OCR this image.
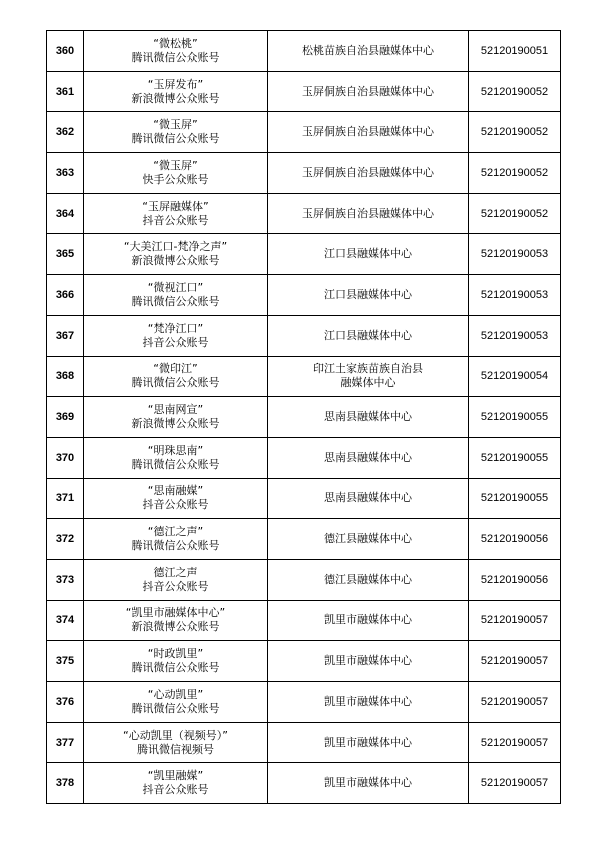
360	“微松桃”
腾讯微信公众账号	松桃苗族自治县融媒体中心	52120190051
361	“玉屏发布”
新浪微博公众账号	玉屏侗族自治县融媒体中心	52120190052
362	“微玉屏”
腾讯微信公众账号	玉屏侗族自治县融媒体中心	52120190052
363	“微玉屏”
快手公众账号	玉屏侗族自治县融媒体中心	52120190052
364	“玉屏融媒体”
抖音公众账号	玉屏侗族自治县融媒体中心	52120190052
365	“大美江口-梵净之声”
新浪微博公众账号	江口县融媒体中心	52120190053
366	“微视江口”
腾讯微信公众账号	江口县融媒体中心	52120190053
367	“梵净江口”
抖音公众账号	江口县融媒体中心	52120190053
368	“微印江”
腾讯微信公众账号	印江土家族苗族自治县
融媒体中心	52120190054
369	“思南网宣”
新浪微博公众账号	思南县融媒体中心	52120190055
370	“明珠思南”
腾讯微信公众账号	思南县融媒体中心	52120190055
371	“思南融媒”
抖音公众账号	思南县融媒体中心	52120190055
372	“德江之声”
腾讯微信公众账号	德江县融媒体中心	52120190056
373	德江之声
抖音公众账号	德江县融媒体中心	52120190056
374	“凯里市融媒体中心”
新浪微博公众账号	凯里市融媒体中心	52120190057
375	“时政凯里”
腾讯微信公众账号	凯里市融媒体中心	52120190057
376	“心动凯里”
腾讯微信公众账号	凯里市融媒体中心	52120190057
377	“心动凯里（视频号）”
腾讯微信视频号	凯里市融媒体中心	52120190057
378	“凯里融媒”
抖音公众账号	凯里市融媒体中心	52120190057
